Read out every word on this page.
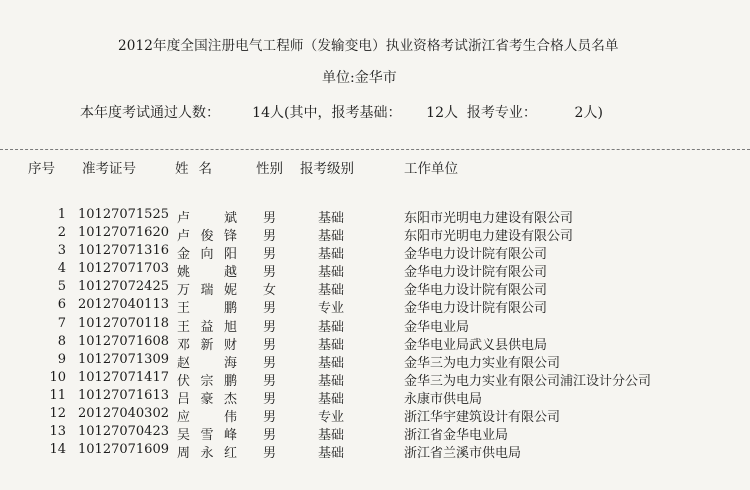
2012年度全国注册电气工程师（发输变电）执业资格考试浙江省考生合格人员名单
单位:金华市
本年度考试通过人数： 14人(其中，报考基础： 12人 报考专业：	2人)
序号 准考证号	姓名	性别 报考级别	工作单位
1 10127071525 卢斌 男	基础	东阳市光明电力建设有限公司
2 10127071620 卢俊锋 男	基础	东阳市光明电力建设有限公司
3 10127071316 金向阳 男	基础	金华电力设计院有限公司
4 10127071703 姚越 男	基础	金华电力设计院有限公司
5 10127072425 万瑞妮 女	基础	金华电力设计院有限公司
6 20127040113 王鹏 男	专业	金华电力设计院有限公司
7 10127070118 王益旭 男	基础	金华电业局
8 10127071608 邓新财 男	基础	金华电业局武义县供电局
9 10127071309 赵海 男	基础	金华三为电力实业有限公司
10 10127071417 伏宗鹏 男	基础	金华三为电力实业有限公司浦江设计分公司
11 10127071613 吕豪杰 男	基础	永康市供电局
12 20127040302 应伟 男	专业	浙江华宇建筑设计有限公司
13 10127070423 吴雪峰 男	基础	浙江省金华电业局
14 10127071609 周永红 男	基础	浙江省兰溪市供电局
